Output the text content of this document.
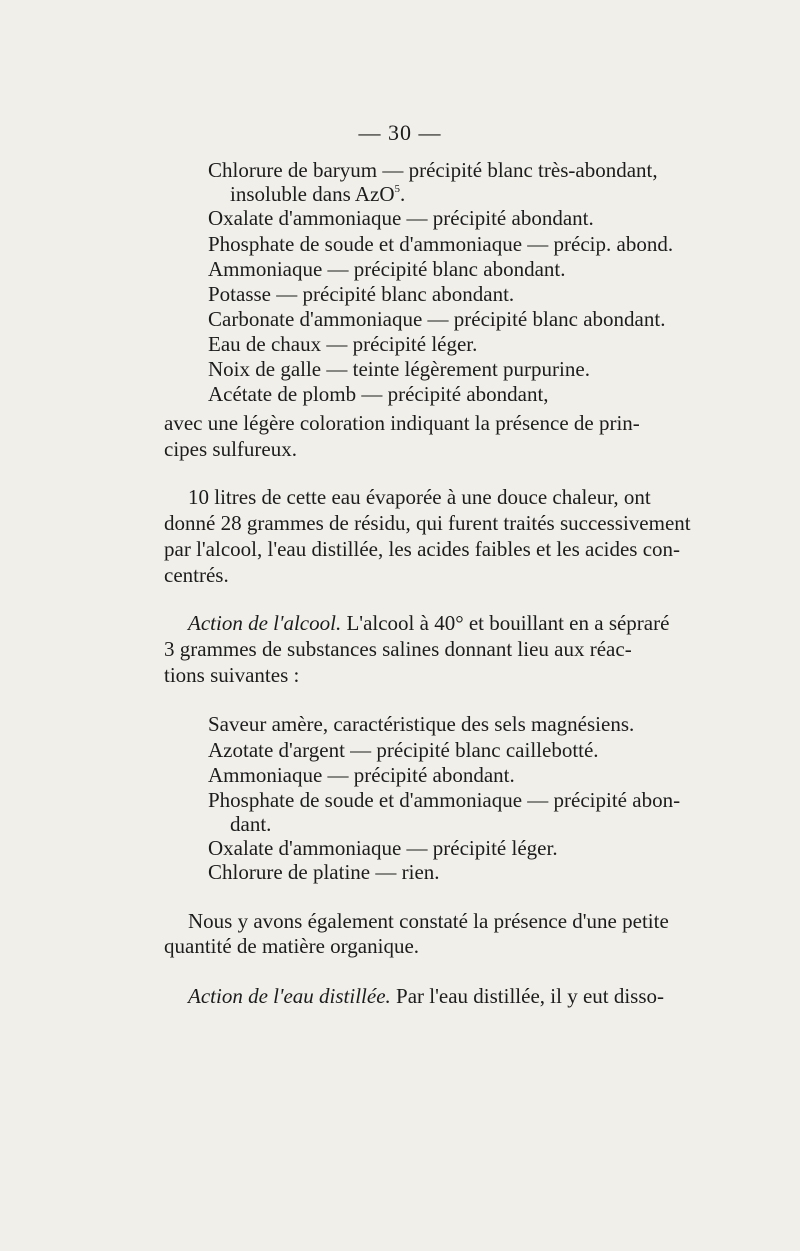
— 30 —
Chlorure de baryum — précipité blanc très-abondant,
insoluble dans AzO$^5$.
Oxalate d'ammoniaque — précipité abondant.
Phosphate de soude et d'ammoniaque — précip. abond.
Ammoniaque — précipité blanc abondant.
Potasse — précipité blanc abondant.
Carbonate d'ammoniaque — précipité blanc abondant.
Eau de chaux — précipité léger.
Noix de galle — teinte légèrement purpurine.
Acétate de plomb — précipité abondant,
avec une légère coloration indiquant la présence de prin-
cipes sulfureux.
10 litres de cette eau évaporée à une douce chaleur, ont
donné 28 grammes de résidu, qui furent traités successivement
par l'alcool, l'eau distillée, les acides faibles et les acides con-
centrés.
Action de l'alcool. L'alcool à 40° et bouillant en a sépraré
3 grammes de substances salines donnant lieu aux réac-
tions suivantes :
Saveur amère, caractéristique des sels magnésiens.
Azotate d'argent — précipité blanc caillebotté.
Ammoniaque — précipité abondant.
Phosphate de soude et d'ammoniaque — précipité abon-
dant.
Oxalate d'ammoniaque — précipité léger.
Chlorure de platine — rien.
Nous y avons également constaté la présence d'une petite
quantité de matière organique.
Action de l'eau distillée. Par l'eau distillée, il y eut disso-
